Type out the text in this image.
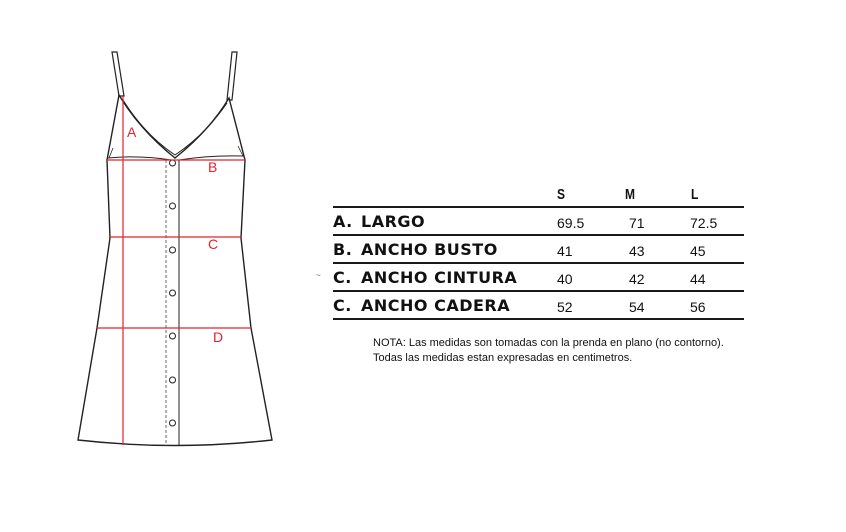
A
B
C
D
S	M	L
A. LARGO	69.5	71	72.5
B. ANCHO BUSTO	41	43	45
C. ANCHO CINTURA	40	42	44
C. ANCHO CADERA	52	54	56
~
NOTA: Las medidas son tomadas con la prenda en plano (no contorno).
Todas las medidas estan expresadas en centimetros.
